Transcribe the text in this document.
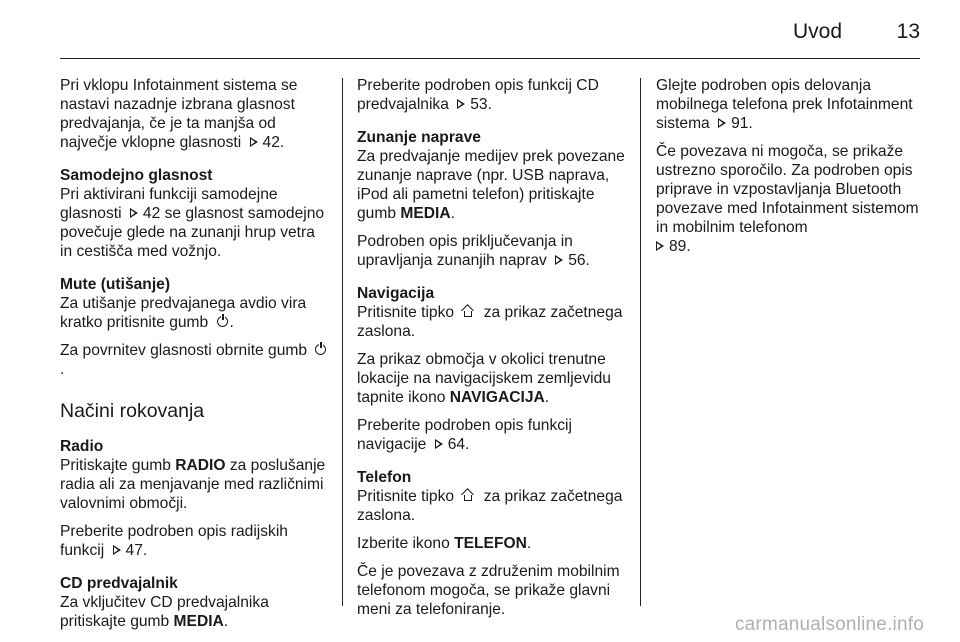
Uvod	13

Pri vklopu Infotainment sistema se nastavi nazadnje izbrana glasnost predvajanja, če je ta manjša od največje vklopne glasnosti 42.

Samodejno glasnost
Pri aktivirani funkciji samodejne glasnosti 42 se glasnost samodejno povečuje glede na zunanji hrup vetra in cestišča med vožnjo.

Mute (utišanje)
Za utišanje predvajanega avdio vira kratko pritisnite gumb .

Za povrnitev glasnosti obrnite gumb .

Načini rokovanja

Radio
Pritiskajte gumb RADIO za poslušanje radia ali za menjavanje med različnimi valovnimi območji.

Preberite podroben opis radijskih funkcij 47.

CD predvajalnik
Za vključitev CD predvajalnika pritiskajte gumb MEDIA.

Preberite podroben opis funkcij CD predvajalnika 53.

Zunanje naprave
Za predvajanje medijev prek povezane zunanje naprave (npr. USB naprava, iPod ali pametni telefon) pritiskajte gumb MEDIA.

Podroben opis priključevanja in upravljanja zunanjih naprav 56.

Navigacija
Pritisnite tipko  za prikaz začetnega zaslona.

Za prikaz območja v okolici trenutne lokacije na navigacijskem zemljevidu tapnite ikono NAVIGACIJA.

Preberite podroben opis funkcij navigacije 64.

Telefon
Pritisnite tipko  za prikaz začetnega zaslona.

Izberite ikono TELEFON.

Če je povezava z združenim mobilnim telefonom mogoča, se prikaže glavni meni za telefoniranje.

Glejte podroben opis delovanja mobilnega telefona prek Infotainment sistema 91.

Če povezava ni mogoča, se prikaže ustrezno sporočilo. Za podroben opis priprave in vzpostavljanja Bluetooth povezave med Infotainment sistemom in mobilnim telefonom
89.

carmanualsonline.info
